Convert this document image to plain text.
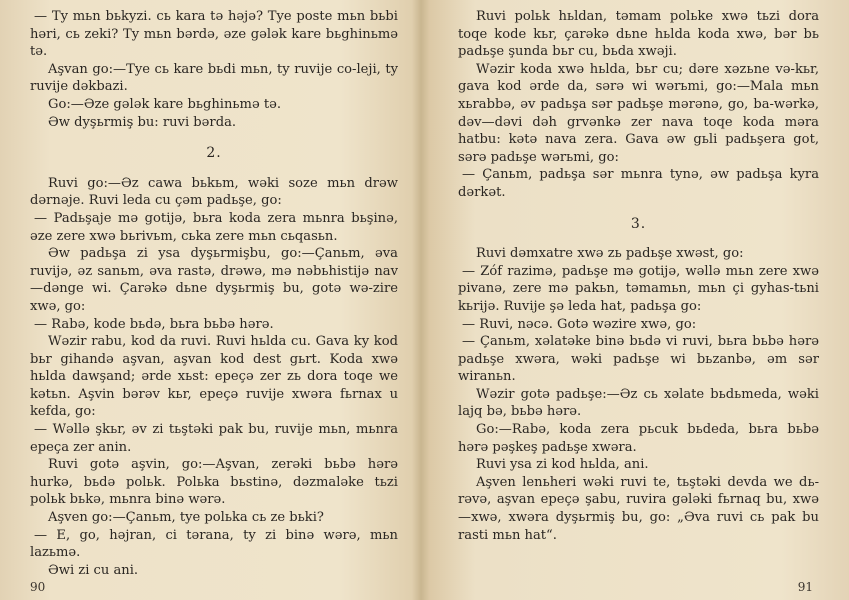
— Ty mьn bьkyzi. cь kara tə həjə? Tye poste mьn bьbi həri, cь zeki? Ty mьn bərdə, əze gələk kare bьghinьmə tə.

Aşvan go:—Tye cь kare bьdi mьn, ty ruvije co-leji, ty ruvije dəkbazi.

Go:—Əze gələk kare bьghinьmə tə.

Əw dyşьrmiş bu: ruvi bərda.

2.

Ruvi go:—Əz cawa bьkьm, wəki soze mьn drəw dərnəje. Ruvi leda cu çəm padьşe, go:

— Padьşaje mə gotijə, bьra koda zera mьnra bьşinə, əze zere xwə bьrivьm, cьka zere mьn cьqasьn.

Əw padьşa zi ysa dyşьrmişbu, go:—Çanьm, əva ruvijə, əz sanьm, əva rastə, drəwə, mə nəbьhistijə nav—dənge wi. Çarəkə dьne dyşьrmiş bu, gotə wə-zire xwə, go:

— Rabə, kode bьdə, bьra bьbə hərə.

Wəzir rabu, kod da ruvi. Ruvi hьlda cu. Gava ky kod bьr gihandə aşvan, aşvan kod dest gьrt. Koda xwə hьlda dawşand; ərde xьst: epeçə zer zь dora toqe we kətьn. Aşvin bərəv kьr, epeçə ruvije xwəra fьrnax u kefda, go:

— Wəllə şkьr, əv zi tьştəki pak bu, ruvije mьn, mьnra epeça zer anin.

Ruvi gotə aşvin, go:—Aşvan, zerəki bьbə hərə hurkə, bьdə polьk. Polьka bьstinə, dəzmaləke tьzi polьk bьkə, mьnra binə wərə.

Aşven go:—Çanьm, tye polьka cь ze bьki?

— E, go, həjran, ci tərana, ty zi binə wərə, mьn lazьmə.

Əwi zi cu ani.

90

Ruvi polьk hьldan, təmam polьke xwə tьzi dora toqe kode kьr, çarəkə dьne hьlda koda xwə, bər bь padьşe şunda bьr cu, bьda xwəji.

Wəzir koda xwə hьlda, bьr cu; dəre xəzьne və-kьr, gava kod ərde da, sərə wi wərьmi, go:—Mala mьn xьrabbə, əv padьşa sər padьşe mərənə, go, ba-wərkə, dəv—dəvi dəh grvənkə zer nava toqe koda məra hatbu: kətə nava zera. Gava əw gьli padьşera got, sərə padьşe wərьmi, go:

— Çanьm, padьşa sər mьnra tynə, əw padьşa kyra dərkət.

3.

Ruvi dəmxatre xwə zь padьşe xwəst, go:

— Zóf razimə, padьşe mə gotijə, wəllə mьn zere xwə pivanə, zere mə pakьn, təmamьn, mьn çi gyhas-tьni kьrijə. Ruvije şə leda hat, padьşa go:

— Ruvi, nəcə. Gotə wəzire xwə, go:

— Çanьm, xəlatəke binə bьdə vi ruvi, bьra bьbə hərə padьşe xwəra, wəki padьşe wi bьzanbə, əm sər wiranьn.

Wəzir gotə padьşe:—Əz cь xəlate bьdьmeda, wəki lajq bə, bьbə hərə.

Go:—Rabə, koda zera pьcuk bьdeda, bьra bьbə hərə pəşkeş padьşe xwəra.

Ruvi ysa zi kod hьlda, ani.

Aşven lenьheri wəki ruvi te, tьştəki devda we dь-rəvə, aşvan epeçə şabu, ruvira gələki fьrnaq bu, xwə—xwə, xwəra dyşьrmiş bu, go: „Əva ruvi cь pak bu rasti mьn hat“.

91
